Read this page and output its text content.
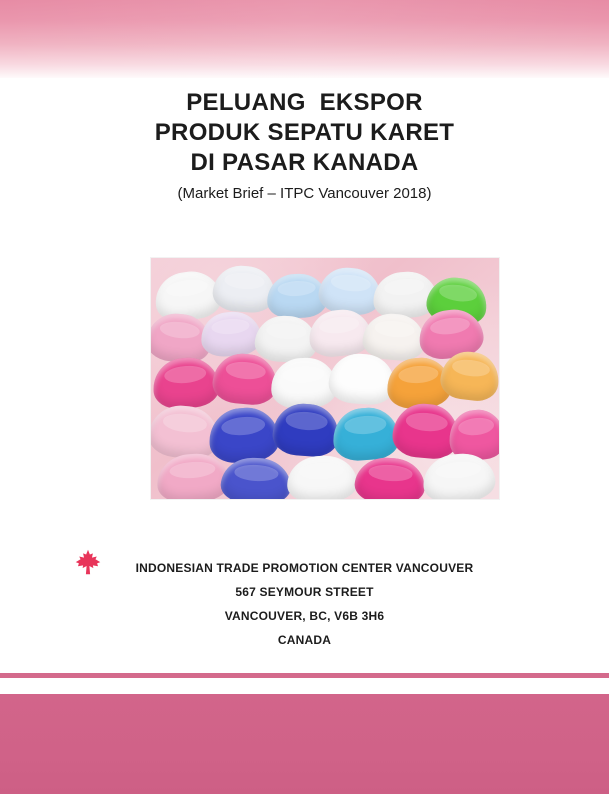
PELUANG  EKSPOR
PRODUK SEPATU KARET
DI PASAR KANADA
(Market Brief – ITPC Vancouver 2018)
INDONESIAN TRADE PROMOTION CENTER VANCOUVER
567 SEYMOUR STREET
VANCOUVER, BC, V6B 3H6
CANADA
